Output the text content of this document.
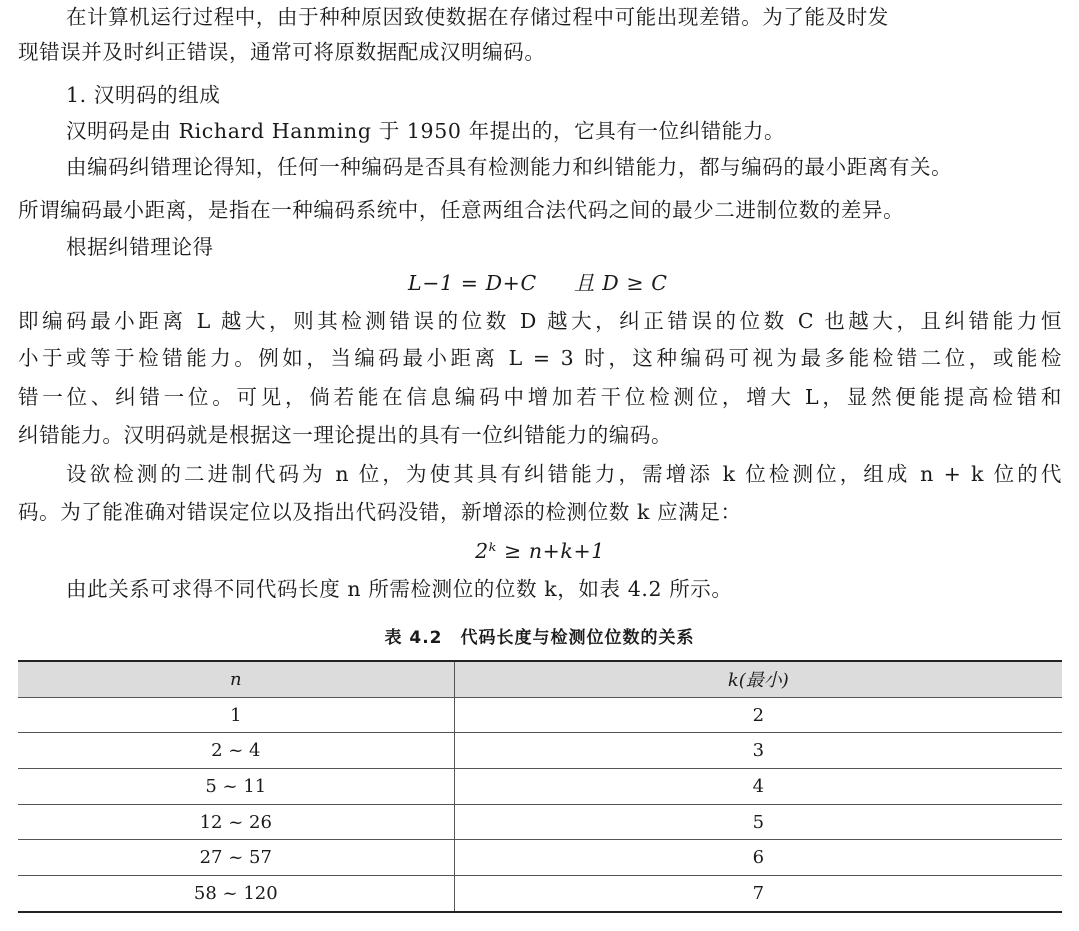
在计算机运行过程中，由于种种原因致使数据在存储过程中可能出现差错。为了能及时发
现错误并及时纠正错误，通常可将原数据配成汉明编码。
1. 汉明码的组成
汉明码是由 Richard Hanming 于 1950 年提出的，它具有一位纠错能力。
由编码纠错理论得知，任何一种编码是否具有检测能力和纠错能力，都与编码的最小距离有关。
所谓编码最小距离，是指在一种编码系统中，任意两组合法代码之间的最少二进制位数的差异。
根据纠错理论得
L−1 = D+C	且 D ≥ C
即编码最小距离 L 越大，则其检测错误的位数 D 越大，纠正错误的位数 C 也越大，且纠错能力恒
小于或等于检错能力。例如，当编码最小距离 L = 3 时，这种编码可视为最多能检错二位，或能检
错一位、纠错一位。可见，倘若能在信息编码中增加若干位检测位，增大 L，显然便能提高检错和
纠错能力。汉明码就是根据这一理论提出的具有一位纠错能力的编码。
设欲检测的二进制代码为 n 位，为使其具有纠错能力，需增添 k 位检测位，组成 n + k 位的代
码。为了能准确对错误定位以及指出代码没错，新增添的检测位数 k 应满足：
2ᵏ ≥ n+k+1
由此关系可求得不同代码长度 n 所需检测位的位数 k，如表 4.2 所示。
表 4.2　代码长度与检测位位数的关系
n	k(最小)
1	2
2 ~ 4	3
5 ~ 11	4
12 ~ 26	5
27 ~ 57	6
58 ~ 120	7
